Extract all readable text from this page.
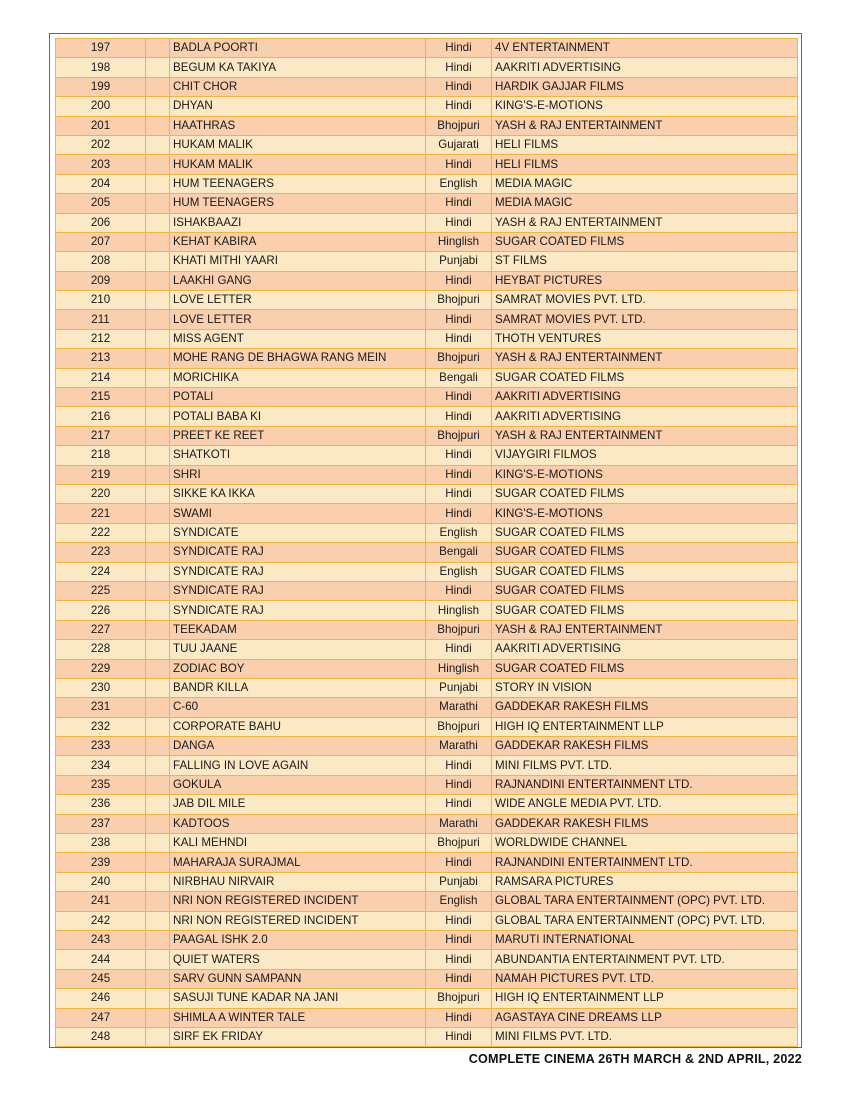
197		BADLA POORTI	Hindi	4V ENTERTAINMENT
198		BEGUM KA TAKIYA	Hindi	AAKRITI ADVERTISING
199		CHIT CHOR	Hindi	HARDIK GAJJAR FILMS
200		DHYAN	Hindi	KING'S-E-MOTIONS
201		HAATHRAS	Bhojpuri	YASH & RAJ ENTERTAINMENT
202		HUKAM MALIK	Gujarati	HELI FILMS
203		HUKAM MALIK	Hindi	HELI FILMS
204		HUM TEENAGERS	English	MEDIA MAGIC
205		HUM TEENAGERS	Hindi	MEDIA MAGIC
206		ISHAKBAAZI	Hindi	YASH & RAJ ENTERTAINMENT
207		KEHAT KABIRA	Hinglish	SUGAR COATED FILMS
208		KHATI MITHI YAARI	Punjabi	ST FILMS
209		LAAKHI GANG	Hindi	HEYBAT PICTURES
210		LOVE LETTER	Bhojpuri	SAMRAT MOVIES PVT. LTD.
211		LOVE LETTER	Hindi	SAMRAT MOVIES PVT. LTD.
212		MISS AGENT	Hindi	THOTH VENTURES
213		MOHE RANG DE BHAGWA RANG MEIN	Bhojpuri	YASH & RAJ ENTERTAINMENT
214		MORICHIKA	Bengali	SUGAR COATED FILMS
215		POTALI	Hindi	AAKRITI ADVERTISING
216		POTALI BABA KI	Hindi	AAKRITI ADVERTISING
217		PREET KE REET	Bhojpuri	YASH & RAJ ENTERTAINMENT
218		SHATKOTI	Hindi	VIJAYGIRI FILMOS
219		SHRI	Hindi	KING'S-E-MOTIONS
220		SIKKE KA IKKA	Hindi	SUGAR COATED FILMS
221		SWAMI	Hindi	KING'S-E-MOTIONS
222		SYNDICATE	English	SUGAR COATED FILMS
223		SYNDICATE RAJ	Bengali	SUGAR COATED FILMS
224		SYNDICATE RAJ	English	SUGAR COATED FILMS
225		SYNDICATE RAJ	Hindi	SUGAR COATED FILMS
226		SYNDICATE RAJ	Hinglish	SUGAR COATED FILMS
227		TEEKADAM	Bhojpuri	YASH & RAJ ENTERTAINMENT
228		TUU JAANE	Hindi	AAKRITI ADVERTISING
229		ZODIAC BOY	Hinglish	SUGAR COATED FILMS
230		BANDR KILLA	Punjabi	STORY IN VISION
231		C-60	Marathi	GADDEKAR RAKESH FILMS
232		CORPORATE BAHU	Bhojpuri	HIGH IQ ENTERTAINMENT LLP
233		DANGA	Marathi	GADDEKAR RAKESH FILMS
234		FALLING IN LOVE AGAIN	Hindi	MINI FILMS PVT. LTD.
235		GOKULA	Hindi	RAJNANDINI ENTERTAINMENT LTD.
236		JAB DIL MILE	Hindi	WIDE ANGLE MEDIA PVT. LTD.
237		KADTOOS	Marathi	GADDEKAR RAKESH FILMS
238		KALI MEHNDI	Bhojpuri	WORLDWIDE CHANNEL
239		MAHARAJA SURAJMAL	Hindi	RAJNANDINI ENTERTAINMENT LTD.
240		NIRBHAU NIRVAIR	Punjabi	RAMSARA PICTURES
241		NRI NON REGISTERED INCIDENT	English	GLOBAL TARA ENTERTAINMENT (OPC) PVT. LTD.
242		NRI NON REGISTERED INCIDENT	Hindi	GLOBAL TARA ENTERTAINMENT (OPC) PVT. LTD.
243		PAAGAL ISHK 2.0	Hindi	MARUTI INTERNATIONAL
244		QUIET WATERS	Hindi	ABUNDANTIA ENTERTAINMENT PVT. LTD.
245		SARV GUNN SAMPANN	Hindi	NAMAH PICTURES PVT. LTD.
246		SASUJI TUNE KADAR NA JANI	Bhojpuri	HIGH IQ ENTERTAINMENT LLP
247		SHIMLA A WINTER TALE	Hindi	AGASTAYA CINE DREAMS LLP
248		SIRF EK FRIDAY	Hindi	MINI FILMS PVT. LTD.
COMPLETE CINEMA 26TH MARCH & 2ND APRIL, 2022
